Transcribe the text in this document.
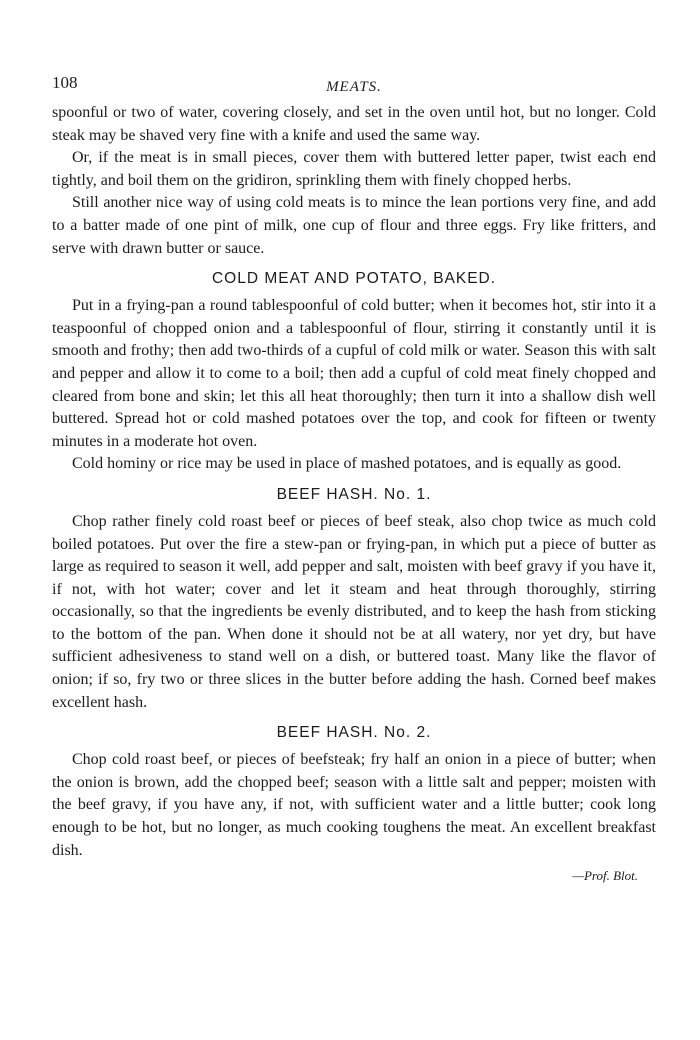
108	MEATS.

spoonful or two of water, covering closely, and set in the oven until hot, but no longer. Cold steak may be shaved very fine with a knife and used the same way.

Or, if the meat is in small pieces, cover them with buttered letter paper, twist each end tightly, and boil them on the gridiron, sprinkling them with finely chopped herbs.

Still another nice way of using cold meats is to mince the lean portions very fine, and add to a batter made of one pint of milk, one cup of flour and three eggs. Fry like fritters, and serve with drawn butter or sauce.

COLD MEAT AND POTATO, BAKED.

Put in a frying-pan a round tablespoonful of cold butter; when it becomes hot, stir into it a teaspoonful of chopped onion and a tablespoonful of flour, stirring it constantly until it is smooth and frothy; then add two-thirds of a cupful of cold milk or water. Season this with salt and pepper and allow it to come to a boil; then add a cupful of cold meat finely chopped and cleared from bone and skin; let this all heat thoroughly; then turn it into a shallow dish well buttered. Spread hot or cold mashed potatoes over the top, and cook for fifteen or twenty minutes in a moderate hot oven.

Cold hominy or rice may be used in place of mashed potatoes, and is equally as good.

BEEF HASH. No. 1.

Chop rather finely cold roast beef or pieces of beef steak, also chop twice as much cold boiled potatoes. Put over the fire a stew-pan or frying-pan, in which put a piece of butter as large as required to season it well, add pepper and salt, moisten with beef gravy if you have it, if not, with hot water; cover and let it steam and heat through thoroughly, stirring occasionally, so that the ingredients be evenly distributed, and to keep the hash from sticking to the bottom of the pan. When done it should not be at all watery, nor yet dry, but have sufficient adhesiveness to stand well on a dish, or buttered toast. Many like the flavor of onion; if so, fry two or three slices in the butter before adding the hash. Corned beef makes excellent hash.

BEEF HASH. No. 2.

Chop cold roast beef, or pieces of beefsteak; fry half an onion in a piece of butter; when the onion is brown, add the chopped beef; season with a little salt and pepper; moisten with the beef gravy, if you have any, if not, with sufficient water and a little butter; cook long enough to be hot, but no longer, as much cooking toughens the meat. An excellent breakfast dish.

—Prof. Blot.
